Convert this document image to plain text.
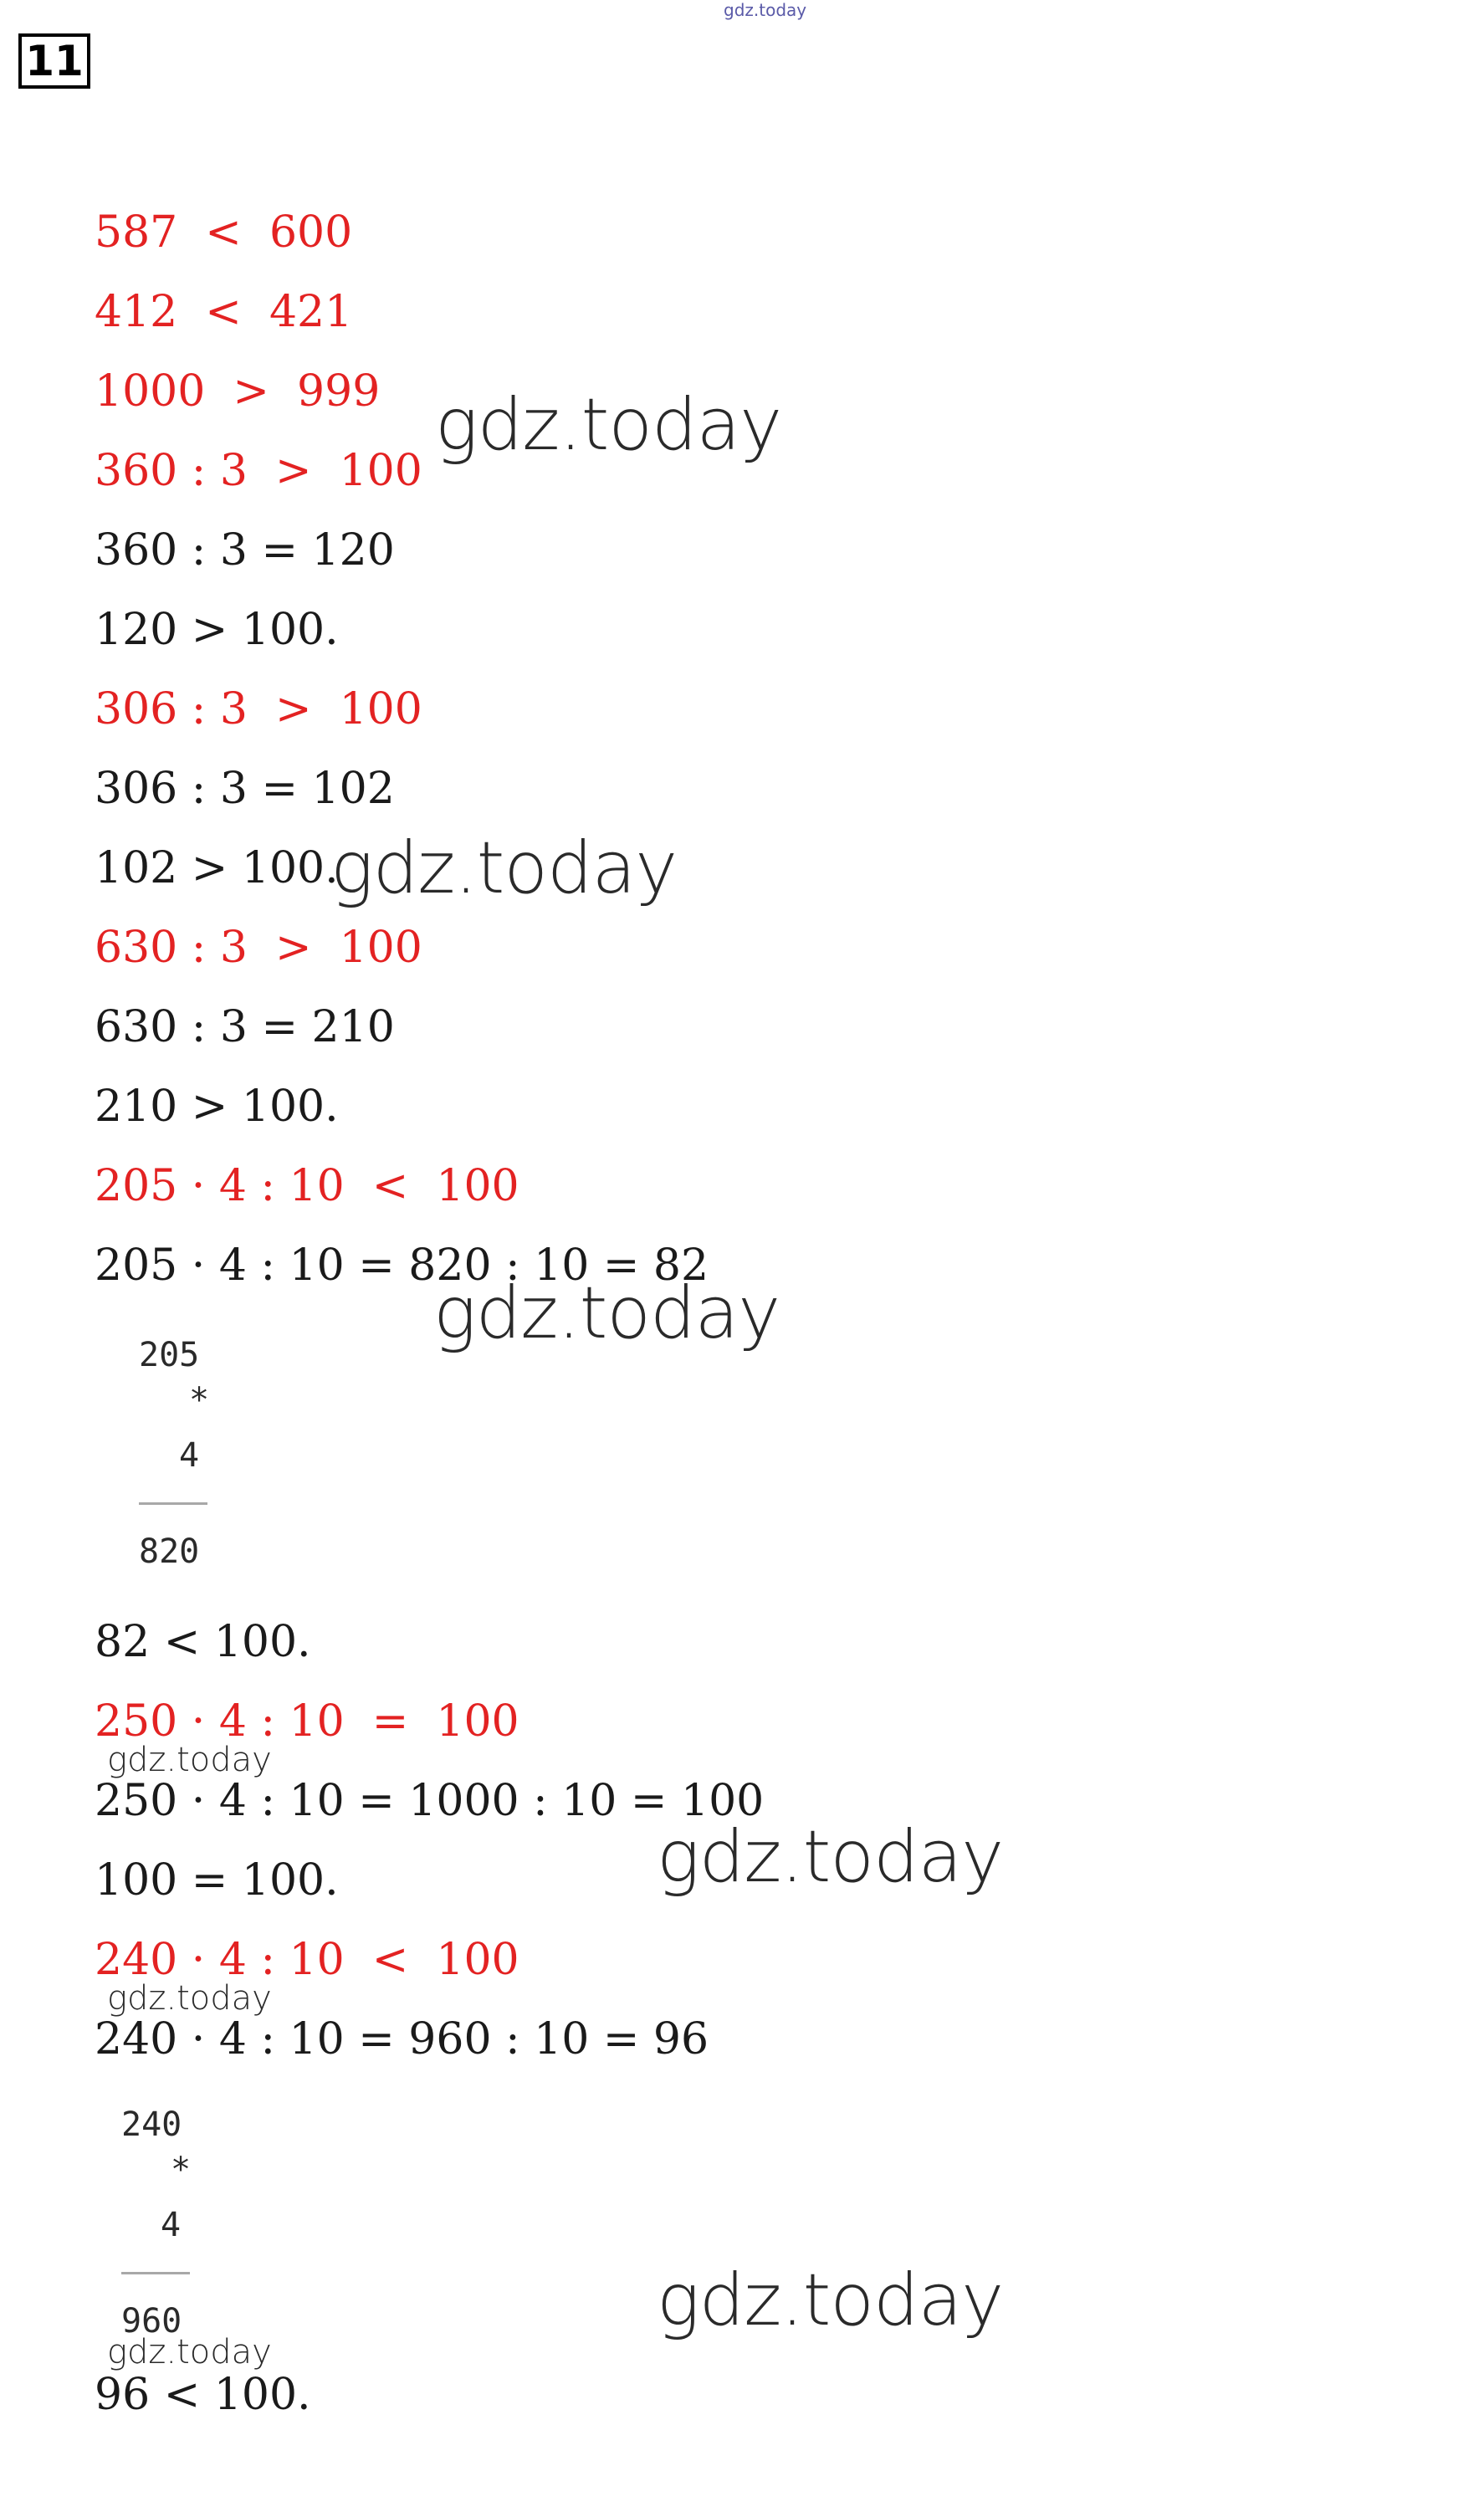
gdz.today
11

587  <  600

412  <  421

1000  >  999

360 : 3  >  100

360 : 3 = 120

120 > 100.

306 : 3  >  100

306 : 3 = 102

102 > 100.

630 : 3  >  100

630 : 3 = 210

210 > 100.

205 · 4 : 10  <  100

205 · 4 : 10 = 820 : 10 = 82

205
*
4
820

82 < 100.

250 · 4 : 10  =  100

250 · 4 : 10 = 1000 : 10 = 100

100 = 100.

240 · 4 : 10  <  100

240 · 4 : 10 = 960 : 10 = 96

240
*
4
960

96 < 100.

gdz.today
gdz.today
gdz.today
gdz.today
gdz.today
gdz.today
gdz.today
gdz.today
